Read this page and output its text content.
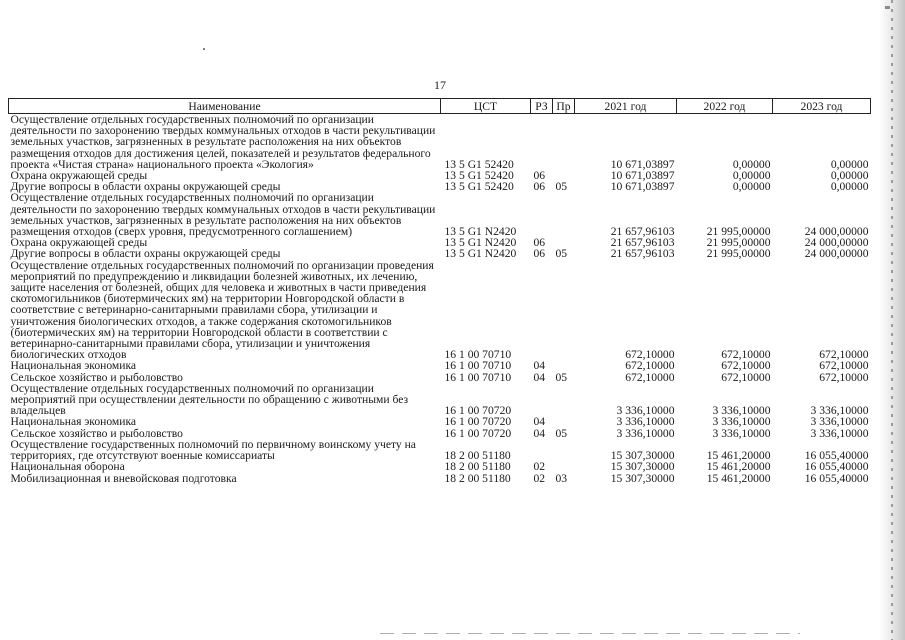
17
Наименование	ЦСТ	РЗ	Пр	2021 год	2022 год	2023 год
Осуществление отдельных государственных полномочий по организации деятельности по захоронению твердых коммунальных отходов в части рекультивации земельных участков, загрязненных в результате расположения на них объектов размещения отходов для достижения целей, показателей и результатов федерального проекта «Чистая страна» национального проекта «Экология»	13 5 G1 52420			10 671,03897	0,00000	0,00000
Охрана окружающей среды	13 5 G1 52420	06		10 671,03897	0,00000	0,00000
Другие вопросы в области охраны окружающей среды	13 5 G1 52420	06	05	10 671,03897	0,00000	0,00000
Осуществление отдельных государственных полномочий по организации деятельности по захоронению твердых коммунальных отходов в части рекультивации земельных участков, загрязненных в результате расположения на них объектов размещения отходов (сверх уровня, предусмотренного соглашением)	13 5 G1 N2420			21 657,96103	21 995,00000	24 000,00000
Охрана окружающей среды	13 5 G1 N2420	06		21 657,96103	21 995,00000	24 000,00000
Другие вопросы в области охраны окружающей среды	13 5 G1 N2420	06	05	21 657,96103	21 995,00000	24 000,00000
Осуществление отдельных государственных полномочий по организации проведения мероприятий по предупреждению и ликвидации болезней животных, их лечению, защите населения от болезней, общих для человека и животных в части приведения скотомогильников (биотермических ям) на территории Новгородской области в соответствие с ветеринарно-санитарными правилами сбора, утилизации и уничтожения биологических отходов, а также содержания скотомогильников (биотермических ям) на территории Новгородской области в соответствии с ветеринарно-санитарными правилами сбора, утилизации и уничтожения биологических отходов	16 1 00 70710			672,10000	672,10000	672,10000
Национальная экономика	16 1 00 70710	04		672,10000	672,10000	672,10000
Сельское хозяйство и рыболовство	16 1 00 70710	04	05	672,10000	672,10000	672,10000
Осуществление отдельных государственных полномочий по организации мероприятий при осуществлении деятельности по обращению с животными без владельцев	16 1 00 70720			3 336,10000	3 336,10000	3 336,10000
Национальная экономика	16 1 00 70720	04		3 336,10000	3 336,10000	3 336,10000
Сельское хозяйство и рыболовство	16 1 00 70720	04	05	3 336,10000	3 336,10000	3 336,10000
Осуществление государственных полномочий по первичному воинскому учету на территориях, где отсутствуют военные комиссариаты	18 2 00 51180			15 307,30000	15 461,20000	16 055,40000
Национальная оборона	18 2 00 51180	02		15 307,30000	15 461,20000	16 055,40000
Мобилизационная и вневойсковая подготовка	18 2 00 51180	02	03	15 307,30000	15 461,20000	16 055,40000
